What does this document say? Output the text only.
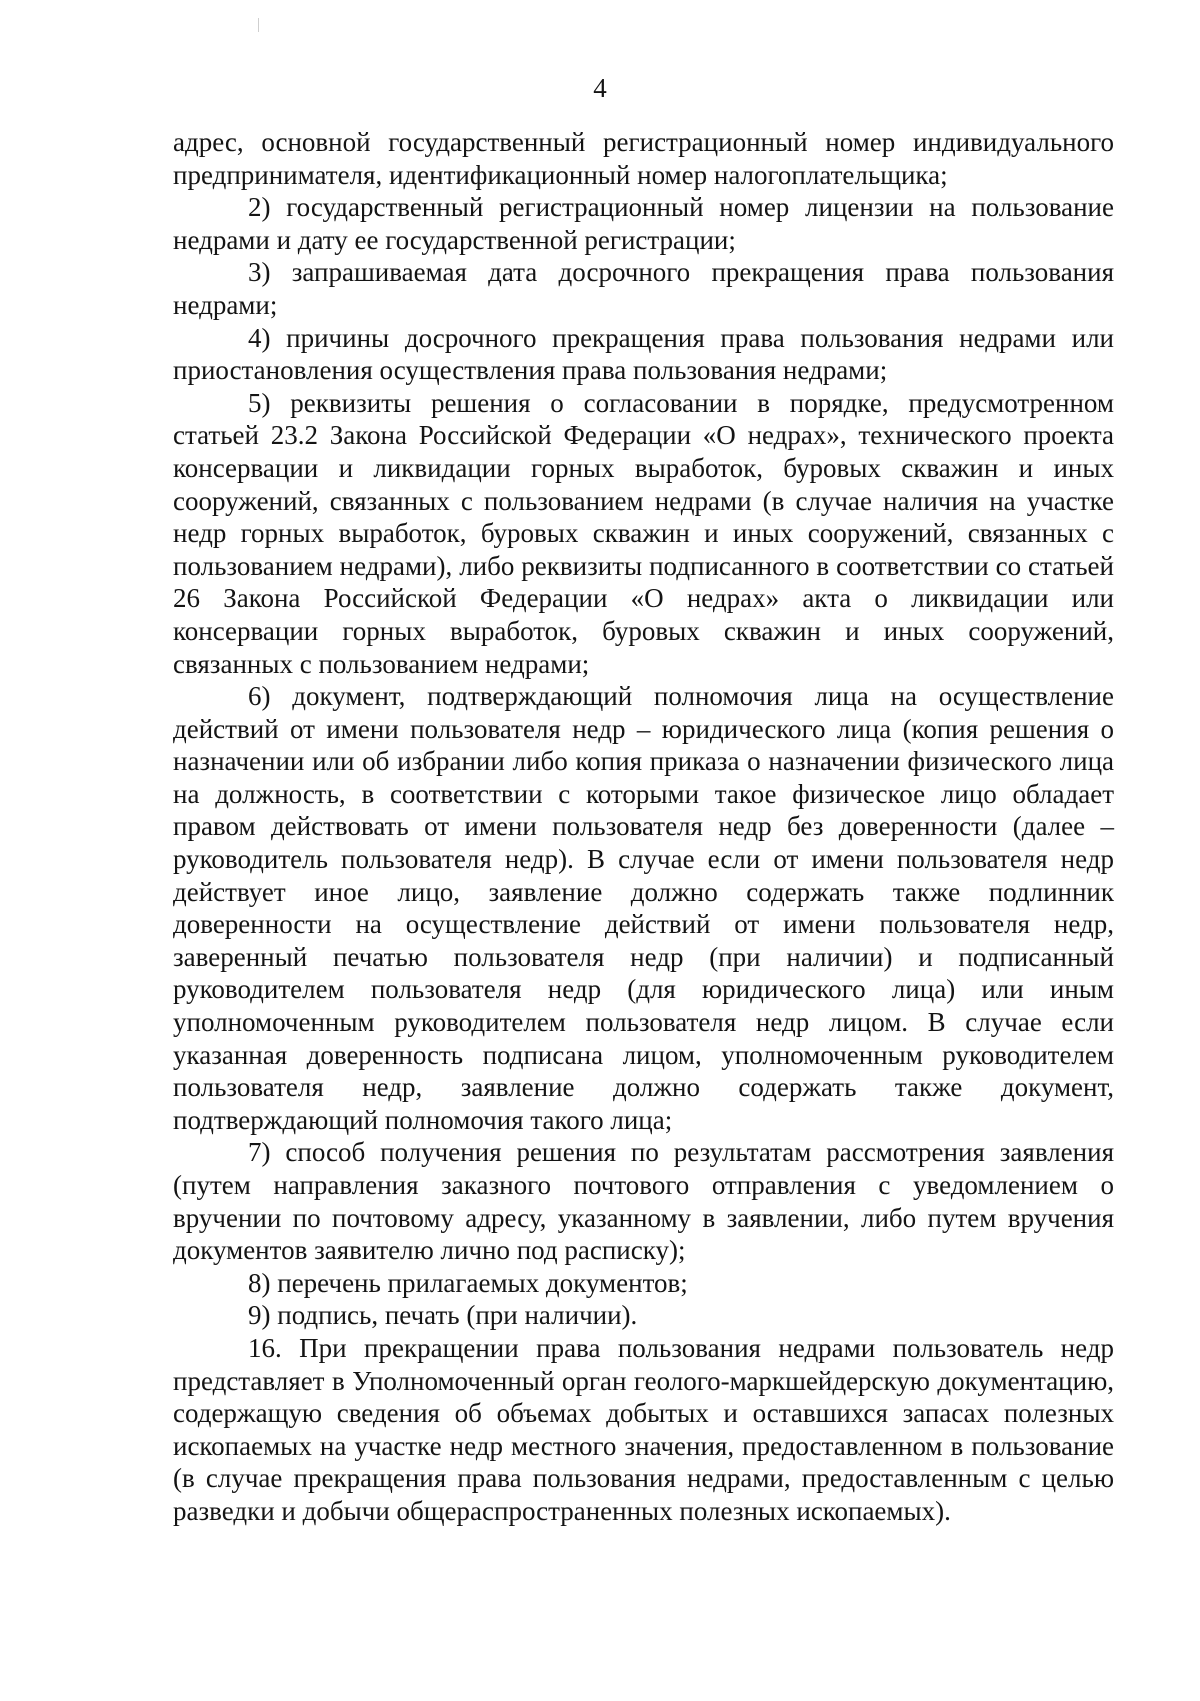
4

адрес, основной государственный регистрационный номер индивидуального предпринимателя, идентификационный номер налогоплательщика;

2) государственный регистрационный номер лицензии на пользование недрами и дату ее государственной регистрации;

3) запрашиваемая дата досрочного прекращения права пользования недрами;

4) причины досрочного прекращения права пользования недрами или приостановления осуществления права пользования недрами;

5) реквизиты решения о согласовании в порядке, предусмотренном статьей 23.2 Закона Российской Федерации «О недрах», технического проекта консервации и ликвидации горных выработок, буровых скважин и иных сооружений, связанных с пользованием недрами (в случае наличия на участке недр горных выработок, буровых скважин и иных сооружений, связанных с пользованием недрами), либо реквизиты подписанного в соответствии со статьей 26 Закона Российской Федерации «О недрах» акта о ликвидации или консервации горных выработок, буровых скважин и иных сооружений, связанных с пользованием недрами;

6) документ, подтверждающий полномочия лица на осуществление действий от имени пользователя недр – юридического лица (копия решения о назначении или об избрании либо копия приказа о назначении физического лица на должность, в соответствии с которыми такое физическое лицо обладает правом действовать от имени пользователя недр без доверенности (далее – руководитель пользователя недр). В случае если от имени пользователя недр действует иное лицо, заявление должно содержать также подлинник доверенности на осуществление действий от имени пользователя недр, заверенный печатью пользователя недр (при наличии) и подписанный руководителем пользователя недр (для юридического лица) или иным уполномоченным руководителем пользователя недр лицом. В случае если указанная доверенность подписана лицом, уполномоченным руководителем пользователя недр, заявление должно содержать также документ, подтверждающий полномочия такого лица;

7) способ получения решения по результатам рассмотрения заявления (путем направления заказного почтового отправления с уведомлением о вручении по почтовому адресу, указанному в заявлении, либо путем вручения документов заявителю лично под расписку);

8) перечень прилагаемых документов;

9) подпись, печать (при наличии).

16. При прекращении права пользования недрами пользователь недр представляет в Уполномоченный орган геолого-маркшейдерскую документацию, содержащую сведения об объемах добытых и оставшихся запасах полезных ископаемых на участке недр местного значения, предоставленном в пользование (в случае прекращения права пользования недрами, предоставленным с целью разведки и добычи общераспространенных полезных ископаемых).
